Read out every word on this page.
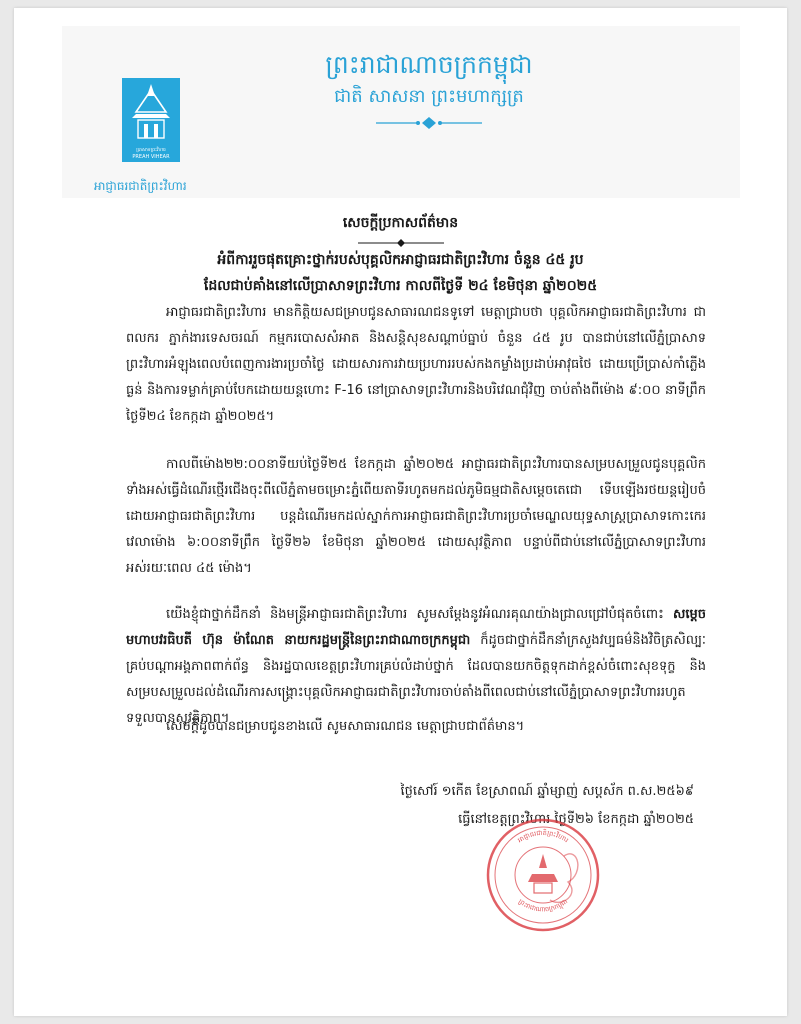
ប្រាសាទព្រះវិហារ
PREAH VIHEAR
អាជ្ញាធរជាតិព្រះវិហារ
ព្រះរាជាណាចក្រកម្ពុជា
ជាតិ សាសនា ព្រះមហាក្សត្រ
សេចក្តីប្រកាសព័ត៌មាន
អំពីការរួចផុតគ្រោះថ្នាក់របស់បុគ្គលិកអាជ្ញាធរជាតិព្រះវិហារ ចំនួន ៤៥ រូប
ដែលជាប់គាំងនៅលើប្រាសាទព្រះវិហារ កាលពីថ្ងៃទី ២៤ ខែមិថុនា ឆ្នាំ២០២៥
អាជ្ញាធរជាតិព្រះវិហារ មានកិត្តិយសជម្រាបជូនសាធារណជនទូទៅ មេត្តាជ្រាបថា បុគ្គលិកអាជ្ញាធរជាតិព្រះវិហារ ជាពលករ ភ្នាក់ងារទេសចរណ៍ កម្មករបោសសំអាត និងសន្តិសុខសណ្តាប់ធ្នាប់ ចំនួន ៤៥ រូប បានជាប់នៅលើភ្នំប្រាសាទព្រះវិហារអំឡុងពេលបំពេញការងារប្រចាំថ្ងៃ ដោយសារការវាយប្រហាររបស់កងកម្លាំងប្រដាប់អាវុធថៃ ដោយប្រើប្រាស់កាំភ្លើងធ្ងន់ និងការទម្លាក់គ្រាប់បែកដោយយន្តហោះ F-16 នៅប្រាសាទព្រះវិហារនិងបរិវេណជុំវិញ ចាប់តាំងពីម៉ោង ៩:០០ នាទីព្រឹក ថ្ងៃទី២៤ ខែកក្កដា ឆ្នាំ២០២៥។
កាលពីម៉ោង២២:០០នាទីយប់ថ្ងៃទី២៥ ខែកក្កដា ឆ្នាំ២០២៥ អាជ្ញាធរជាតិព្រះវិហារបានសម្របសម្រួលជូនបុគ្គលិកទាំងអស់ធ្វើដំណើរថ្មើរជើងចុះពីលើភ្នំតាមចម្រោះភ្នំពើយតាទីរហូតមកដល់ភូមិធម្មជាតិសម្តេចតេជោ ទើបឡើងរថយន្តរៀបចំដោយអាជ្ញាធរជាតិព្រះវិហារ បន្តដំណើរមកដល់ស្នាក់ការអាជ្ញាធរជាតិព្រះវិហារប្រចាំមេណ្ឌលយុទ្ធសាស្ត្រប្រាសាទកោះកេរវេលាម៉ោង ៦:០០នាទីព្រឹក ថ្ងៃទី២៦ ខែមិថុនា ឆ្នាំ២០២៥ ដោយសុវត្ថិភាព បន្ទាប់ពីជាប់នៅលើភ្នំប្រាសាទព្រះវិហារ អស់រយៈពេល ៤៥ ម៉ោង។
យើងខ្ញុំជាថ្នាក់ដឹកនាំ និងមន្ត្រីអាជ្ញាធរជាតិព្រះវិហារ សូមសម្តែងនូវអំណរគុណយ៉ាងជ្រាលជ្រៅបំផុតចំពោះ សម្តេចមហាបវរធិបតី ហ៊ុន ម៉ាណែត នាយករដ្ឋមន្ត្រីនៃព្រះរាជាណាចក្រកម្ពុជា ក៏ដូចជាថ្នាក់ដឹកនាំក្រសួងវប្បធម៌និងវិចិត្រសិល្បៈ គ្រប់បណ្តាអង្គភាពពាក់ព័ន្ធ និងរដ្ឋបាលខេត្តព្រះវិហារគ្រប់លំដាប់ថ្នាក់ ដែលបានយកចិត្តទុកដាក់ខ្ពស់ចំពោះសុខទុក្ខ និងសម្របសម្រួលដល់ដំណើរការសង្គ្រោះបុគ្គលិកអាជ្ញាធរជាតិព្រះវិហារចាប់តាំងពីពេលជាប់នៅលើភ្នំប្រាសាទព្រះវិហាររហូតទទួលបានសុវត្ថិភាព។
សេចក្តីដូចបានជម្រាបជូនខាងលើ សូមសាធារណជន មេត្តាជ្រាបជាព័ត៌មាន។
ថ្ងៃសៅរ៍ ១កើត ខែស្រាពណ៍ ឆ្នាំម្សាញ់ សប្តស័ក ព.ស.២៥៦៩
ធ្វើនៅខេត្តព្រះវិហារ ថ្ងៃទី២៦ ខែកក្កដា ឆ្នាំ២០២៥
អាជ្ញាធរជាតិព្រះវិហារ
ព្រះរាជាណាចក្រកម្ពុជា
